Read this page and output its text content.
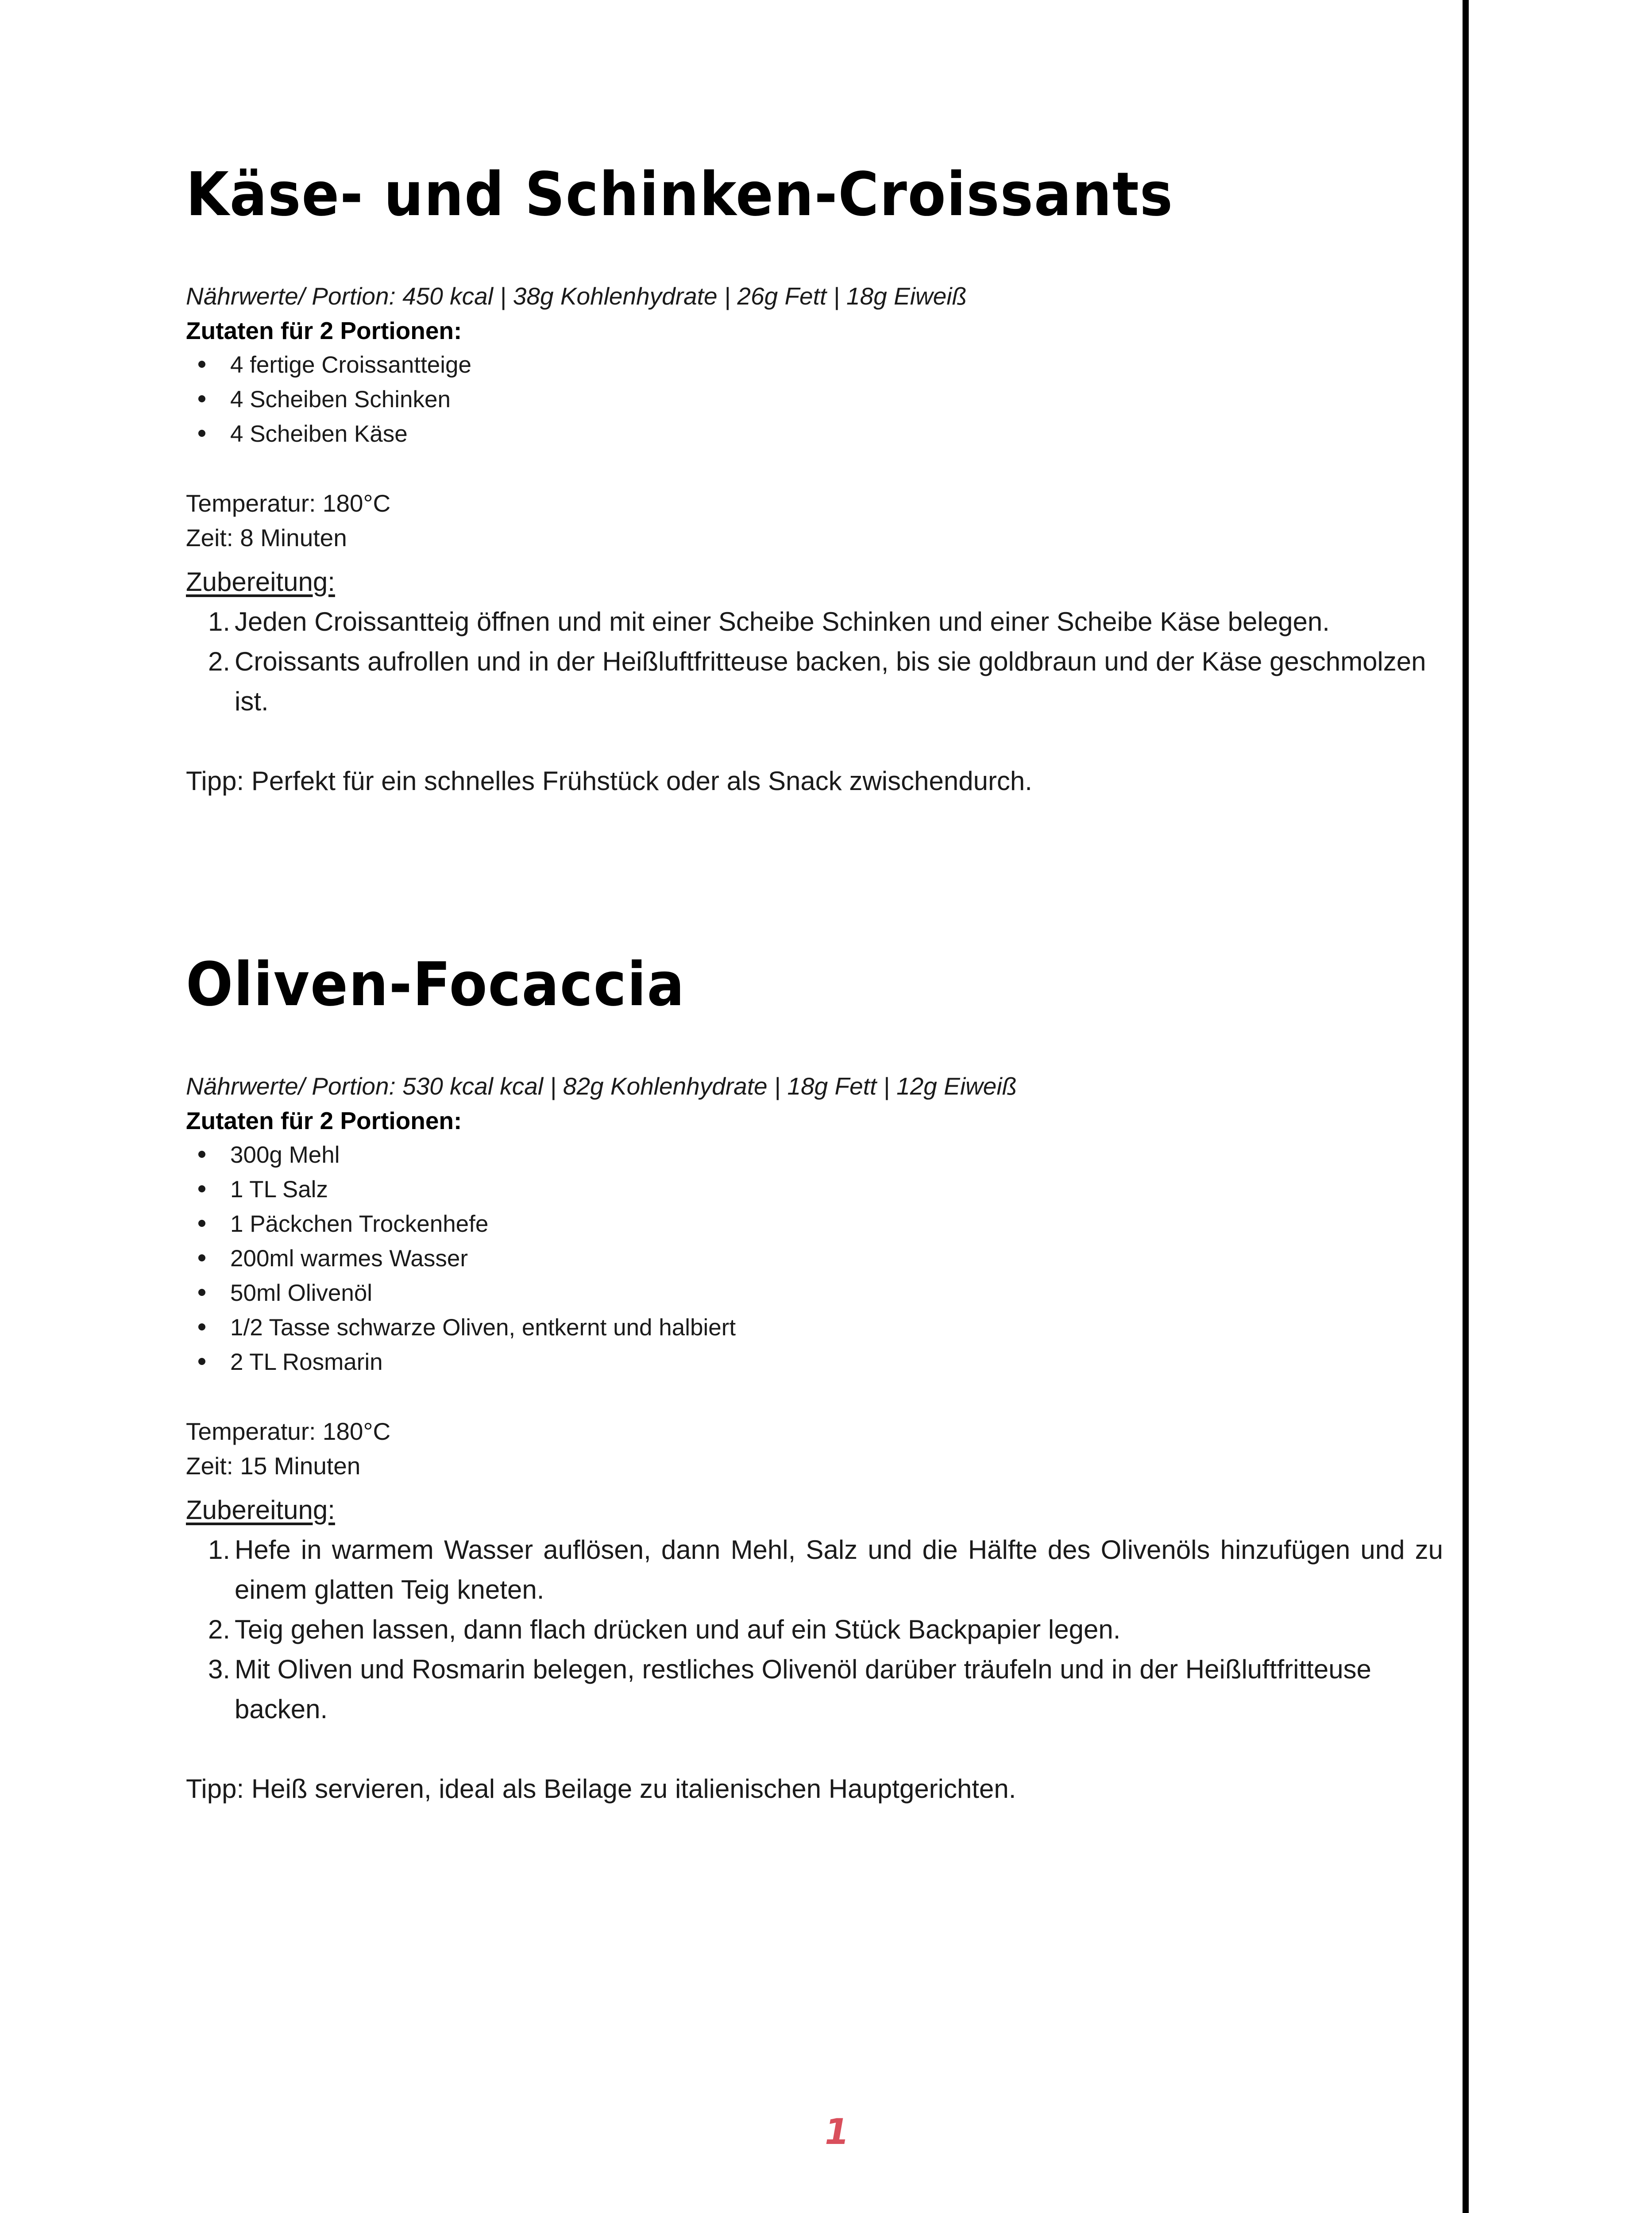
Käse- und Schinken-Croissants

Nährwerte/ Portion: 450 kcal | 38g Kohlenhydrate | 26g Fett | 18g Eiweiß

Zutaten für 2 Portionen:

4 fertige Croissantteige
4 Scheiben Schinken
4 Scheiben Käse
Temperatur: 180°C
Zeit: 8 Minuten

Zubereitung:

1. Jeden Croissantteig öffnen und mit einer Scheibe Schinken und einer Scheibe Käse belegen.
2. Croissants aufrollen und in der Heißluftfritteuse backen, bis sie goldbraun und der Käse geschmolzen ist.

Tipp: Perfekt für ein schnelles Frühstück oder als Snack zwischendurch.

Oliven-Focaccia

Nährwerte/ Portion: 530 kcal kcal | 82g Kohlenhydrate | 18g Fett | 12g Eiweiß

Zutaten für 2 Portionen:

300g Mehl
1 TL Salz
1 Päckchen Trockenhefe
200ml warmes Wasser
50ml Olivenöl
1/2 Tasse schwarze Oliven, entkernt und halbiert
2 TL Rosmarin
Temperatur: 180°C
Zeit: 15 Minuten

Zubereitung:

1. Hefe in warmem Wasser auflösen, dann Mehl, Salz und die Hälfte des Olivenöls hinzufügen und zu einem glatten Teig kneten.
2. Teig gehen lassen, dann flach drücken und auf ein Stück Backpapier legen.
3. Mit Oliven und Rosmarin belegen, restliches Olivenöl darüber träufeln und in der Heißluftfritteuse backen.

Tipp: Heiß servieren, ideal als Beilage zu italienischen Hauptgerichten.

1
